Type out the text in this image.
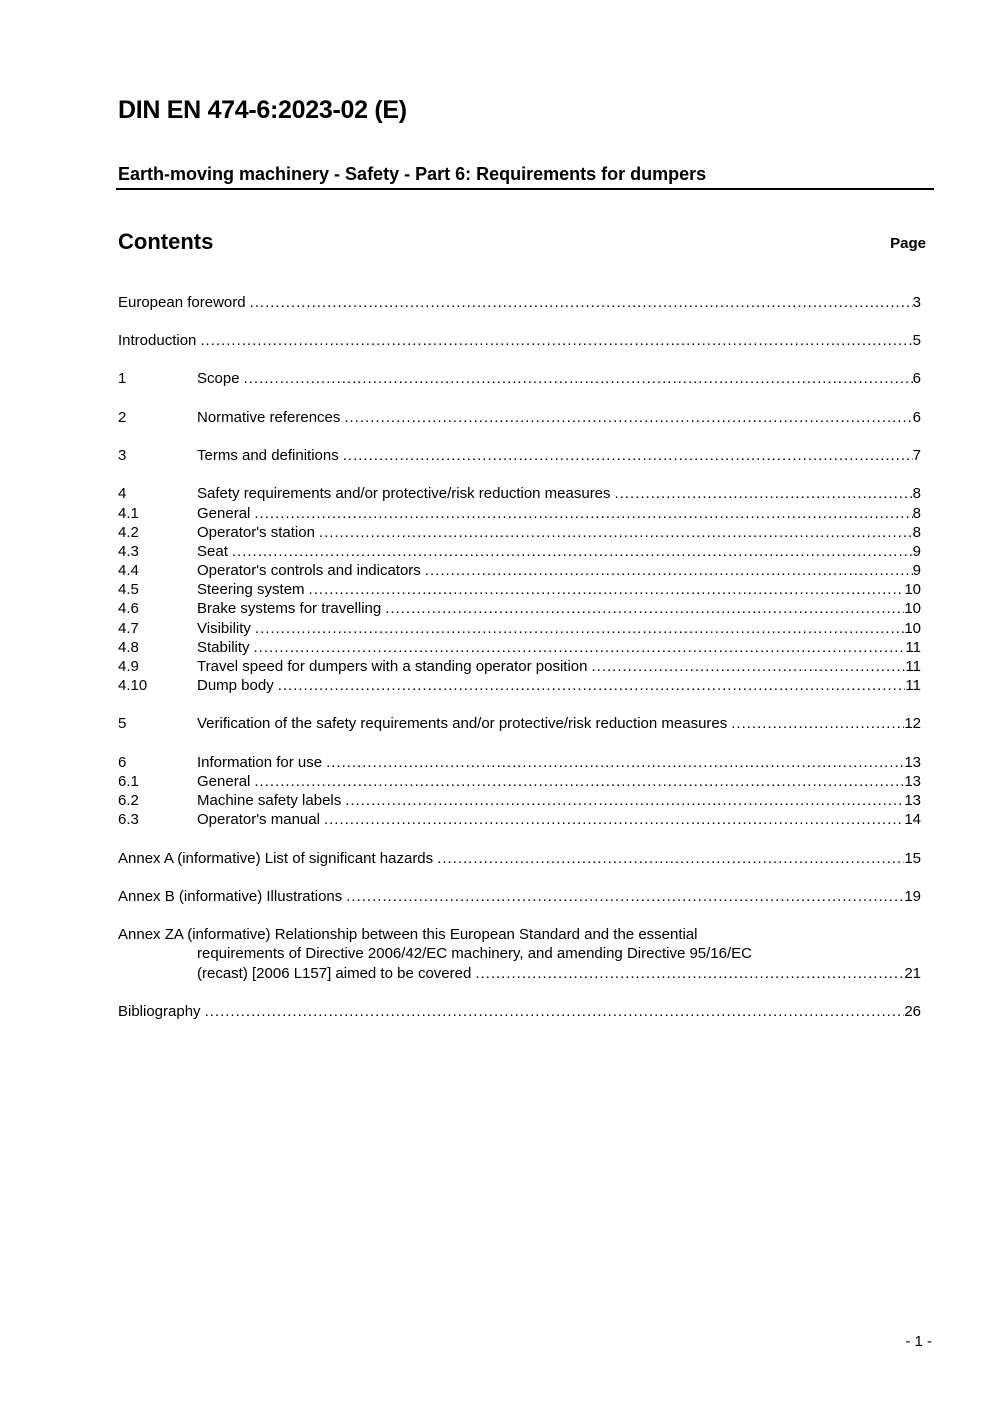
DIN EN 474-6:2023-02 (E)
Earth-moving machinery - Safety - Part 6: Requirements for dumpers
Contents	Page
European foreword .....	3
Introduction .....	5
1	Scope .....	6
2	Normative references .....	6
3	Terms and definitions .....	7
4	Safety requirements and/or protective/risk reduction measures .....	8
4.1	General .....	8
4.2	Operator's station .....	8
4.3	Seat .....	9
4.4	Operator's controls and indicators .....	9
4.5	Steering system .....	10
4.6	Brake systems for travelling .....	10
4.7	Visibility .....	10
4.8	Stability .....	11
4.9	Travel speed for dumpers with a standing operator position .....	11
4.10	Dump body .....	11
5	Verification of the safety requirements and/or protective/risk reduction measures .....	12
6	Information for use .....	13
6.1	General .....	13
6.2	Machine safety labels .....	13
6.3	Operator's manual .....	14
Annex A (informative) List of significant hazards .....	15
Annex B (informative) Illustrations .....	19
Annex ZA (informative) Relationship between this European Standard and the essential
requirements of Directive 2006/42/EC machinery, and amending Directive 95/16/EC
(recast) [2006 L157] aimed to be covered .....	21
Bibliography .....	26
- 1 -
